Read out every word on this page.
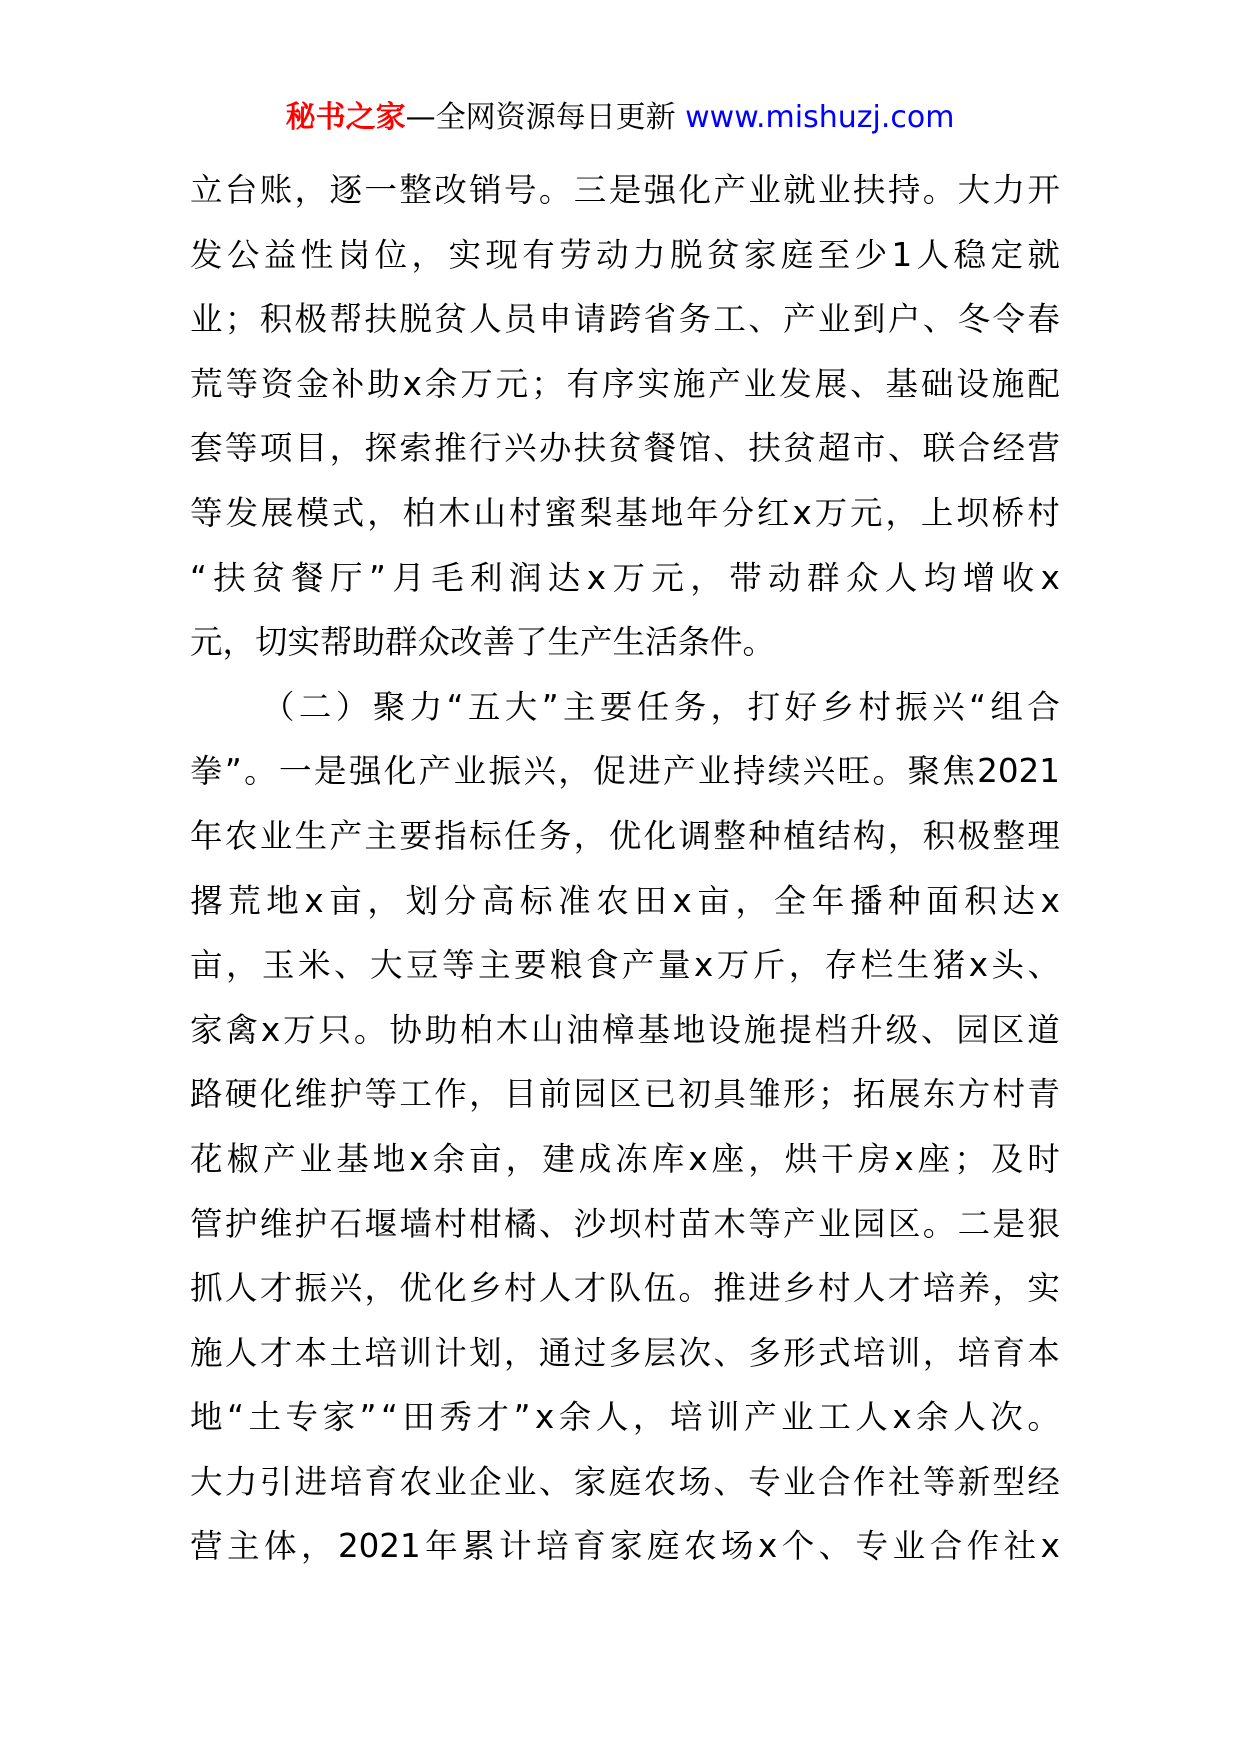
秘书之家—全网资源每日更新 www.mishuzj.com
立 台 账 ， 逐 一 整 改 销 号 。 三 是 强 化 产 业 就 业 扶 持 。 大 力 开
发 公 益 性 岗 位 ， 实 现 有 劳 动 力 脱 贫 家 庭 至 少 1 人 稳 定 就
业 ； 积 极 帮 扶 脱 贫 人 员 申 请 跨 省 务 工 、 产 业 到 户 、 冬 令 春
荒 等 资 金 补 助 x 余 万 元 ； 有 序 实 施 产 业 发 展 、 基 础 设 施 配
套 等 项 目 ， 探 索 推 行 兴 办 扶 贫 餐 馆 、 扶 贫 超 市 、 联 合 经 营
等 发 展 模 式 ， 柏 木 山 村 蜜 梨 基 地 年 分 红 x 万 元 ， 上 坝 桥 村
“ 扶 贫 餐 厅 ” 月 毛 利 润 达 x 万 元 ， 带 动 群 众 人 均 增 收 x
元，切实帮助群众改善了生产生活条件。
（ 二 ） 聚 力 “ 五 大 ” 主 要 任 务 ， 打 好 乡 村 振 兴 “ 组 合
拳 ” 。 一 是 强 化 产 业 振 兴 ， 促 进 产 业 持 续 兴 旺 。 聚 焦 2021
年 农 业 生 产 主 要 指 标 任 务 ， 优 化 调 整 种 植 结 构 ， 积 极 整 理
撂 荒 地 x 亩 ， 划 分 高 标 准 农 田 x 亩 ， 全 年 播 种 面 积 达 x
亩 ， 玉 米 、 大 豆 等 主 要 粮 食 产 量 x 万 斤 ， 存 栏 生 猪 x 头 、
家 禽 x 万 只 。 协 助 柏 木 山 油 樟 基 地 设 施 提 档 升 级 、 园 区 道
路 硬 化 维 护 等 工 作 ， 目 前 园 区 已 初 具 雏 形 ； 拓 展 东 方 村 青
花 椒 产 业 基 地 x 余 亩 ， 建 成 冻 库 x 座 ， 烘 干 房 x 座 ； 及 时
管 护 维 护 石 堰 墙 村 柑 橘 、 沙 坝 村 苗 木 等 产 业 园 区 。 二 是 狠
抓 人 才 振 兴 ， 优 化 乡 村 人 才 队 伍 。 推 进 乡 村 人 才 培 养 ， 实
施 人 才 本 土 培 训 计 划 ， 通 过 多 层 次 、 多 形 式 培 训 ， 培 育 本
地 “ 土 专 家 ” “ 田 秀 才 ” x 余 人 ， 培 训 产 业 工 人 x 余 人 次 。
大 力 引 进 培 育 农 业 企 业 、 家 庭 农 场 、 专 业 合 作 社 等 新 型 经
营 主 体 ， 2021 年 累 计 培 育 家 庭 农 场 x 个 、 专 业 合 作 社 x
